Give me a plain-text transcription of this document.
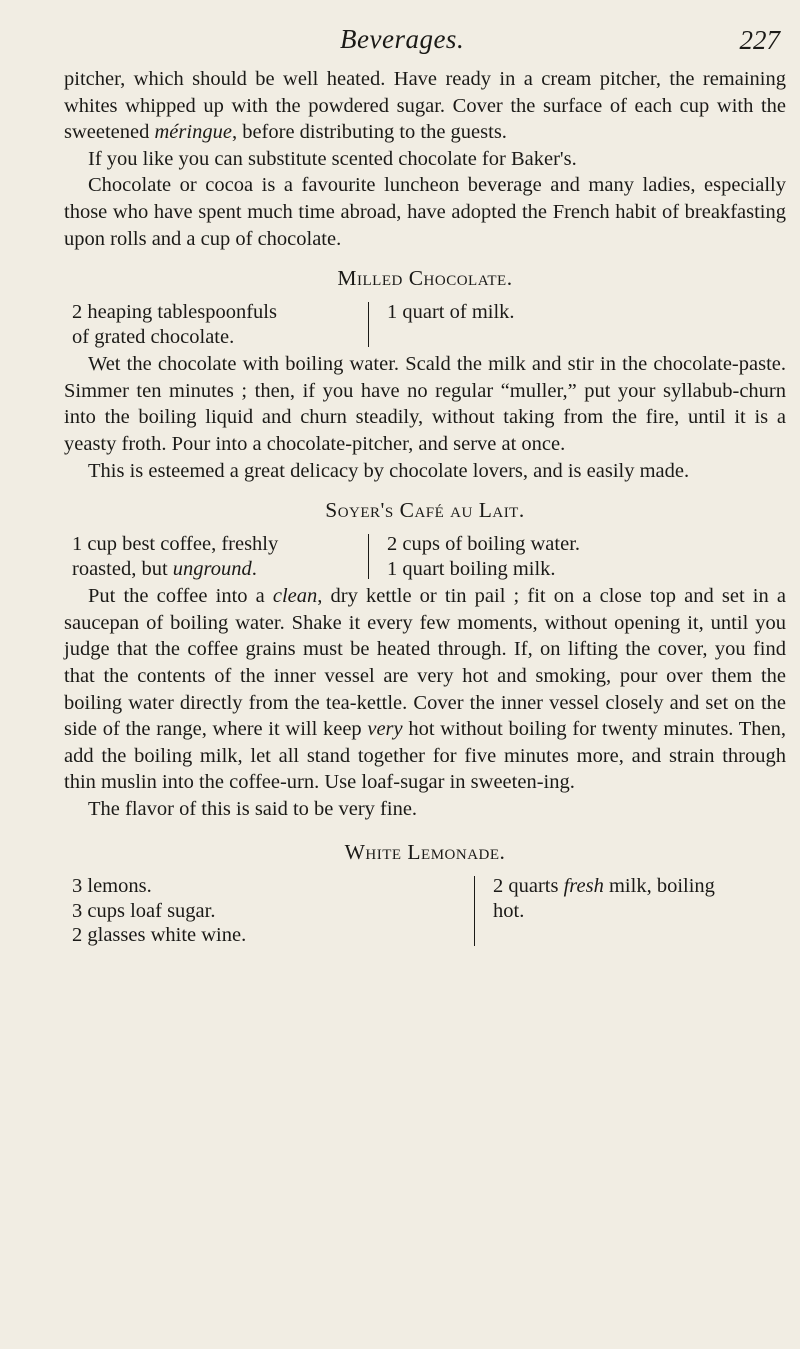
Beverages.	227

pitcher, which should be well heated. Have ready in a cream pitcher, the remaining whites whipped up with the powdered sugar. Cover the surface of each cup with the sweetened méringue, before distributing to the guests.

If you like you can substitute scented chocolate for Baker's.

Chocolate or cocoa is a favourite luncheon beverage and many ladies, especially those who have spent much time abroad, have adopted the French habit of breakfasting upon rolls and a cup of chocolate.

Milled Chocolate.
2 heaping tablespoonfuls
of grated chocolate.
1 quart of milk.

Wet the chocolate with boiling water. Scald the milk and stir in the chocolate-paste. Simmer ten minutes ; then, if you have no regular “muller,” put your syllabub-churn into the boiling liquid and churn steadily, without taking from the fire, until it is a yeasty froth. Pour into a chocolate-pitcher, and serve at once.

This is esteemed a great delicacy by chocolate lovers, and is easily made.

Soyer's Café au Lait.
1 cup best coffee, freshly
roasted, but unground.
2 cups of boiling water.
1 quart boiling milk.

Put the coffee into a clean, dry kettle or tin pail ; fit on a close top and set in a saucepan of boiling water. Shake it every few moments, without opening it, until you judge that the coffee grains must be heated through. If, on lifting the cover, you find that the contents of the inner vessel are very hot and smoking, pour over them the boiling water directly from the tea-kettle. Cover the inner vessel closely and set on the side of the range, where it will keep very hot without boiling for twenty minutes. Then, add the boiling milk, let all stand together for five minutes more, and strain through thin muslin into the coffee-urn. Use loaf-sugar in sweeten-ing.

The flavor of this is said to be very fine.

White Lemonade.
3 lemons.
3 cups loaf sugar.
2 glasses white wine.
2 quarts fresh milk, boiling
hot.
